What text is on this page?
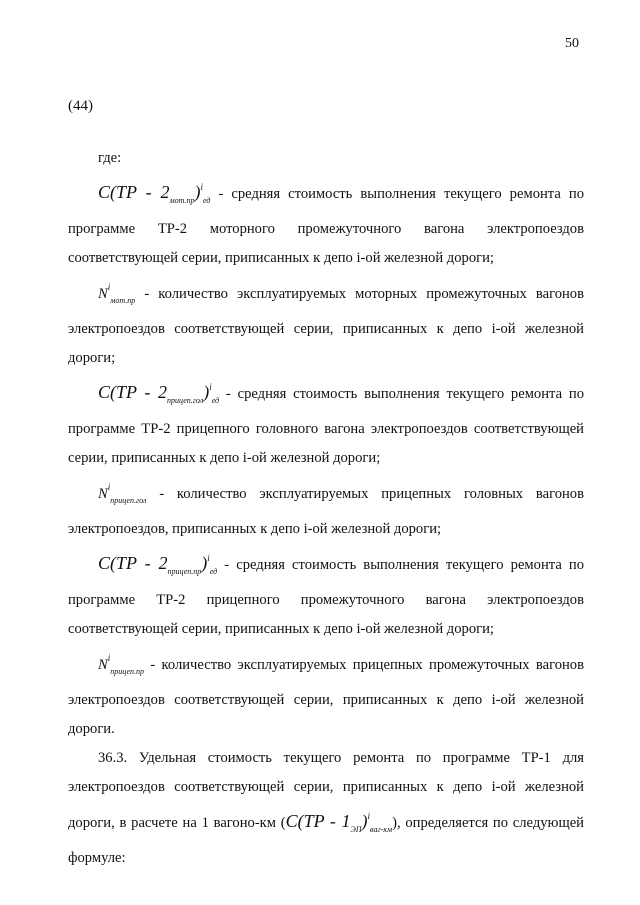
50
(44)

где:

$C(TP - 2_{мот.пр})^i_{ед}$ - средняя стоимость выполнения текущего ремонта по программе ТР-2 моторного промежуточного вагона электропоездов соответствующей серии, приписанных к депо i-ой железной дороги;

$N^i_{мот.пр}$ - количество эксплуатируемых моторных промежуточных вагонов электропоездов соответствующей серии, приписанных к депо i-ой железной дороги;

$C(TP - 2_{прицеп.гол})^i_{ед}$ - средняя стоимость выполнения текущего ремонта по программе ТР-2 прицепного головного вагона электропоездов соответствующей серии, приписанных к депо i-ой железной дороги;

$N^i_{прицеп.гол}$ - количество эксплуатируемых прицепных головных вагонов электропоездов, приписанных к депо i-ой железной дороги;

$C(TP - 2_{прицеп.пр})^i_{ед}$ - средняя стоимость выполнения текущего ремонта по программе ТР-2 прицепного промежуточного вагона электропоездов соответствующей серии, приписанных к депо i-ой железной дороги;

$N^i_{прицеп.пр}$ - количество эксплуатируемых прицепных промежуточных вагонов электропоездов соответствующей серии, приписанных к депо i-ой железной дороги.

36.3. Удельная стоимость текущего ремонта по программе ТР-1 для электропоездов соответствующей серии, приписанных к депо i-ой железной дороги, в расчете на 1 вагоно-км $(C(TP - 1_{ЭП})^i_{ваг-км})$, определяется по следующей формуле:
